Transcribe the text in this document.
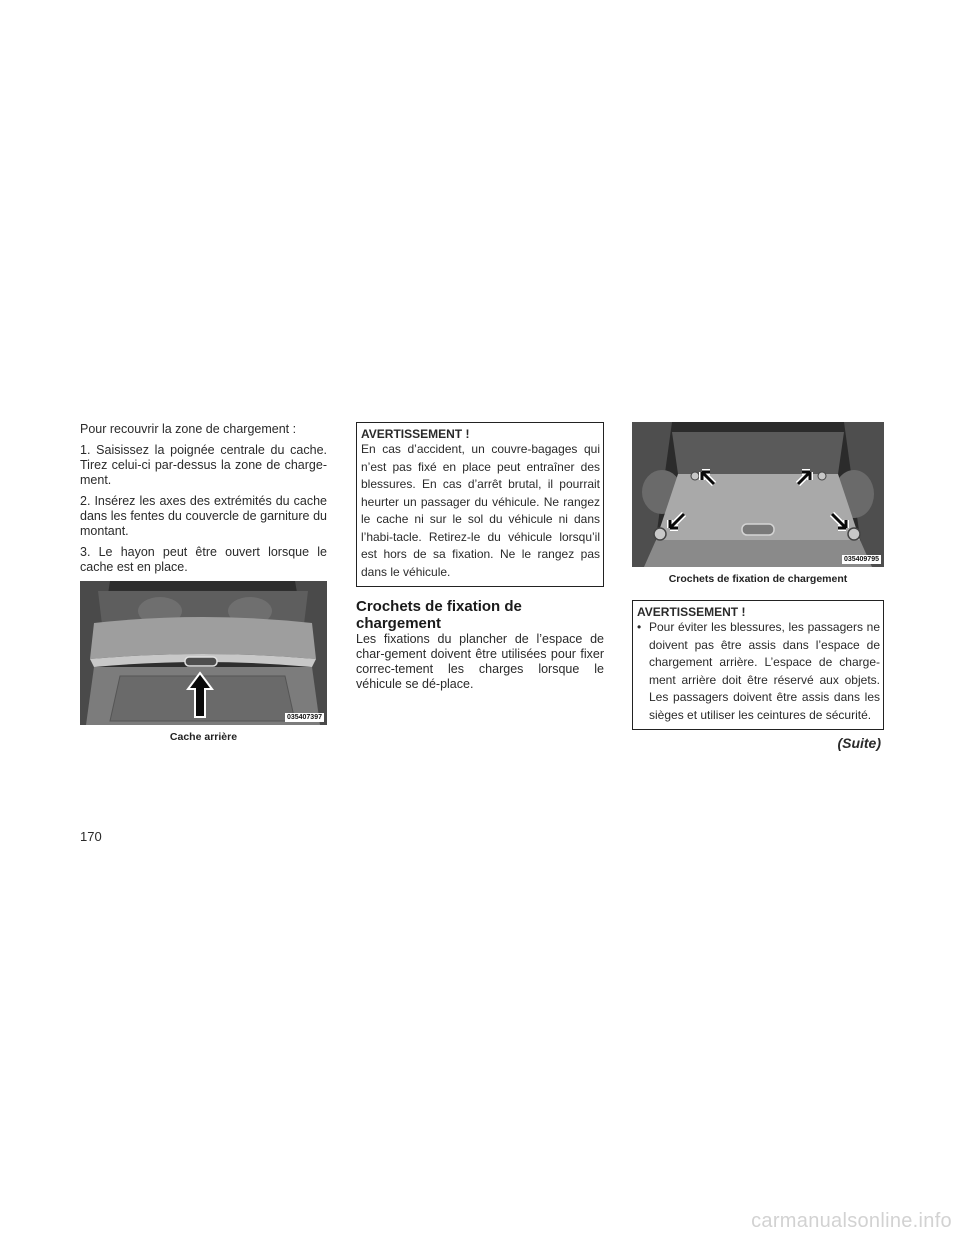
Pour recouvrir la zone de chargement :

1. Saisissez la poignée centrale du cache. Tirez celui-ci par-dessus la zone de charge-ment.

2. Insérez les axes des extrémités du cache dans les fentes du couvercle de garniture du montant.

3. Le hayon peut être ouvert lorsque le cache est en place.

035407397
Cache arrière

AVERTISSEMENT !

En cas d’accident, un couvre-bagages qui n’est pas fixé en place peut entraîner des blessures. En cas d’arrêt brutal, il pourrait heurter un passager du véhicule. Ne rangez le cache ni sur le sol du véhicule ni dans l’habi-tacle. Retirez-le du véhicule lorsqu’il est hors de sa fixation. Ne le rangez pas dans le véhicule.

Crochets de fixation de chargement

Les fixations du plancher de l’espace de char-gement doivent être utilisées pour fixer correc-tement les charges lorsque le véhicule se dé-place.

035409795
Crochets de fixation de chargement

AVERTISSEMENT !

• Pour éviter les blessures, les passagers ne doivent pas être assis dans l’espace de chargement arrière. L’espace de charge-ment arrière doit être réservé aux objets. Les passagers doivent être assis dans les sièges et utiliser les ceintures de sécurité.
(Suite)
170
carmanualsonline.info
